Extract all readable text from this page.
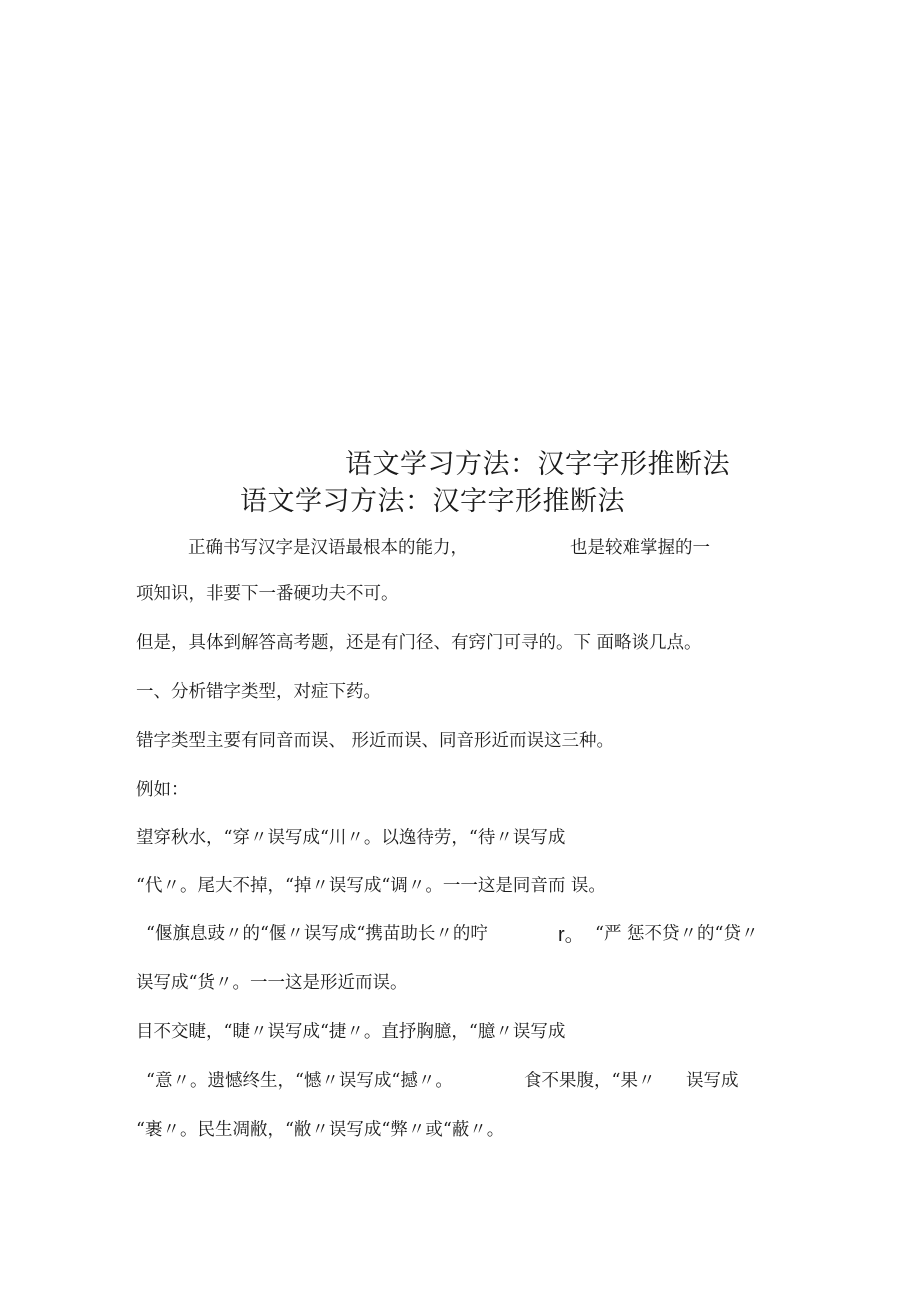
语文学习方法：汉字字形推断法
语文学习方法：汉字字形推断法
正确书写汉字是汉语最根本的能力，	也是较难掌握的一
项知识，非要下一番硬功夫不可。
但是，具体到解答高考题，还是有门径、有窍门可寻的。下 面略谈几点。
一、分析错字类型，对症下药。
错字类型主要有同音而误、 形近而误、同音形近而误这三种。
例如：
望穿秋水，“穿〃误写成“川〃。以逸待劳，“待〃误写成
“代〃。尾大不掉，“掉〃误写成“调〃。一一这是同音而 误。
“偃旗息豉〃的“偃〃误写成“携苗助长〃的咛	r。 “严 惩不贷〃的“贷〃
误写成“货〃。一一这是形近而误。
目不交睫，“睫〃误写成“捷〃。直抒胸臆，“臆〃误写成
“意〃。遗憾终生，“憾〃误写成“撼〃。	食不果腹，“果〃 误写成
“裹〃。民生凋敝，“敝〃误写成“弊〃或“蔽〃。
